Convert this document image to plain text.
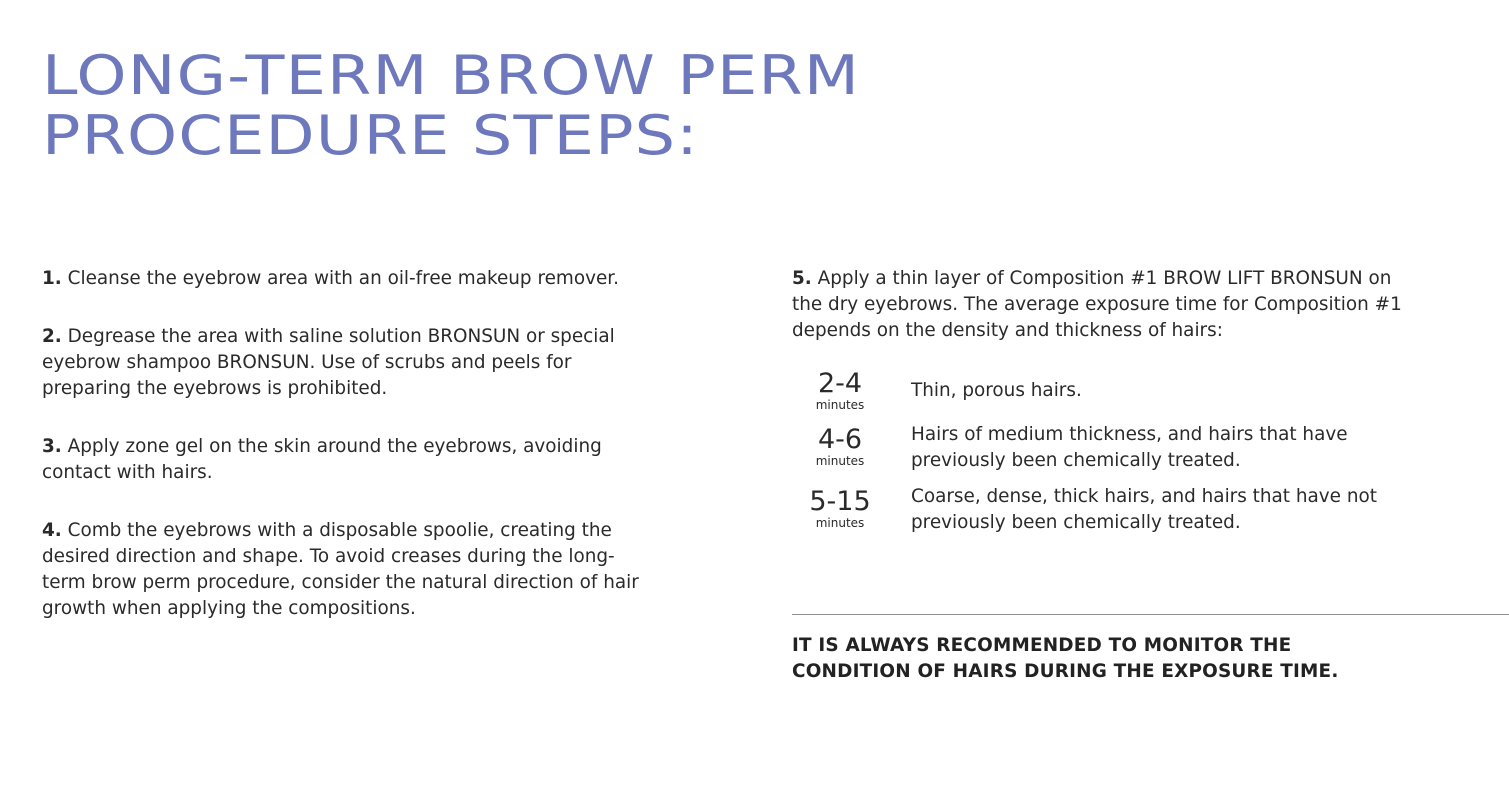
LONG-TERM BROW PERM
PROCEDURE STEPS:

1. Cleanse the eyebrow area with an oil-free makeup remover.

2. Degrease the area with saline solution BRONSUN or special eyebrow shampoo BRONSUN. Use of scrubs and peels for preparing the eyebrows is prohibited.

3. Apply zone gel on the skin around the eyebrows, avoiding contact with hairs.

4. Comb the eyebrows with a disposable spoolie, creating the desired direction and shape. To avoid creases during the long-term brow perm procedure, consider the natural direction of hair growth when applying the compositions.

5. Apply a thin layer of Composition #1 BROW LIFT BRONSUN on the dry eyebrows. The average exposure time for Composition #1 depends on the density and thickness of hairs:

2-4
minutes
Thin, porous hairs.
4-6
minutes
Hairs of medium thickness, and hairs that have previously been chemically treated.
5-15
minutes
Coarse, dense, thick hairs, and hairs that have not previously been chemically treated.

IT IS ALWAYS RECOMMENDED TO MONITOR THE CONDITION OF HAIRS DURING THE EXPOSURE TIME.
